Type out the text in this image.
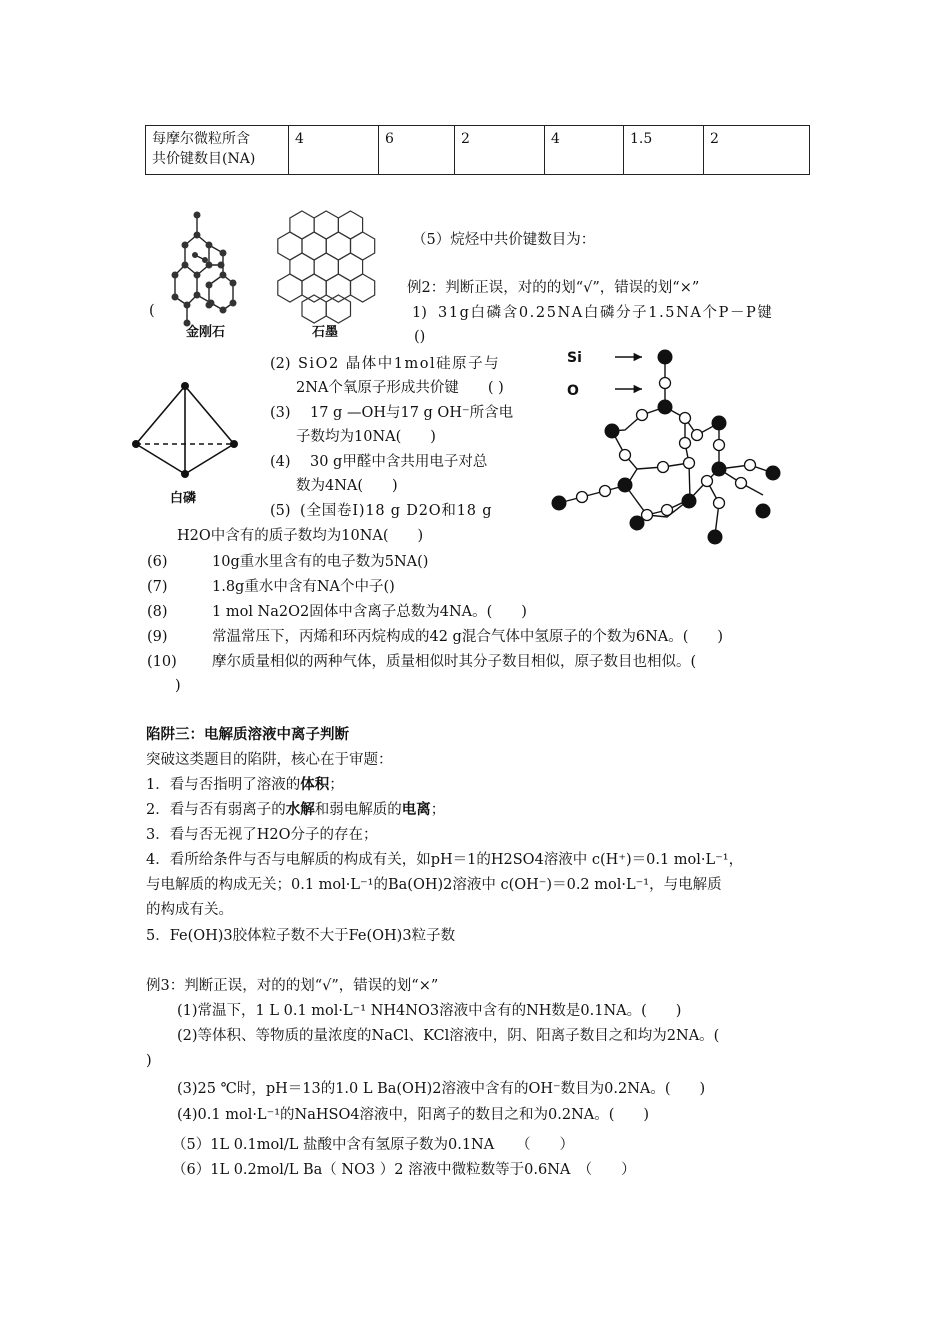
每摩尔微粒所含
共价键数目(NA)	4	6	2	4	1.5	2
(
金刚石	石墨
白磷
Si
O
（5）烷烃中共价键数目为：
例2：判断正误，对的的划“√”，错误的划“×”
1) 31g白磷含0.25NA白磷分子1.5NA个P－P键
()
(2) SiO2 晶体中1mol硅原子与
2NA个氧原子形成共价键　　( )
(3) 17 g —OH与17 g OH⁻所含电
子数均为10NA(　　)
(4) 30 g甲醛中含共用电子对总
数为4NA(　　)
(5) (全国卷Ⅰ)18 g D2O和18 g
H2O中含有的质子数均为10NA(　　)
(6)	10g重水里含有的电子数为5NA()
(7)	1.8g重水中含有NA个中子()
(8)	1 mol Na2O2固体中含离子总数为4NA。(　　)
(9)	常温常压下，丙烯和环丙烷构成的42 g混合气体中氢原子的个数为6NA。(　　)
(10) 摩尔质量相似的两种气体，质量相似时其分子数目相似，原子数目也相似。(
)
陷阱三：电解质溶液中离子判断
突破这类题目的陷阱，核心在于审题：
1．看与否指明了溶液的体积；
2．看与否有弱离子的水解和弱电解质的电离；
3．看与否无视了H2O分子的存在；
4．看所给条件与否与电解质的构成有关，如pH＝1的H2SO4溶液中 c(H⁺)＝0.1 mol·L⁻¹，
与电解质的构成无关；0.1 mol·L⁻¹的Ba(OH)2溶液中 c(OH⁻)＝0.2 mol·L⁻¹，与电解质
的构成有关。
5．Fe(OH)3胶体粒子数不大于Fe(OH)3粒子数
例3：判断正误，对的的划“√”，错误的划“×”
(1)常温下，1 L 0.1 mol·L⁻¹ NH4NO3溶液中含有的NH数是0.1NA。(　　)
(2)等体积、等物质的量浓度的NaCl、KCl溶液中，阴、阳离子数目之和均为2NA。(
)
(3)25 ℃时，pH＝13的1.0 L Ba(OH)2溶液中含有的OH⁻数目为0.2NA。(　　)
(4)0.1 mol·L⁻¹的NaHSO4溶液中，阳离子的数目之和为0.2NA。(　　)
（5）1L 0.1mol/L 盐酸中含有氢原子数为0.1NA　　（　　）
（6）1L 0.2mol/L Ba（ NO3 ）2 溶液中微粒数等于0.6NA　（　　）
